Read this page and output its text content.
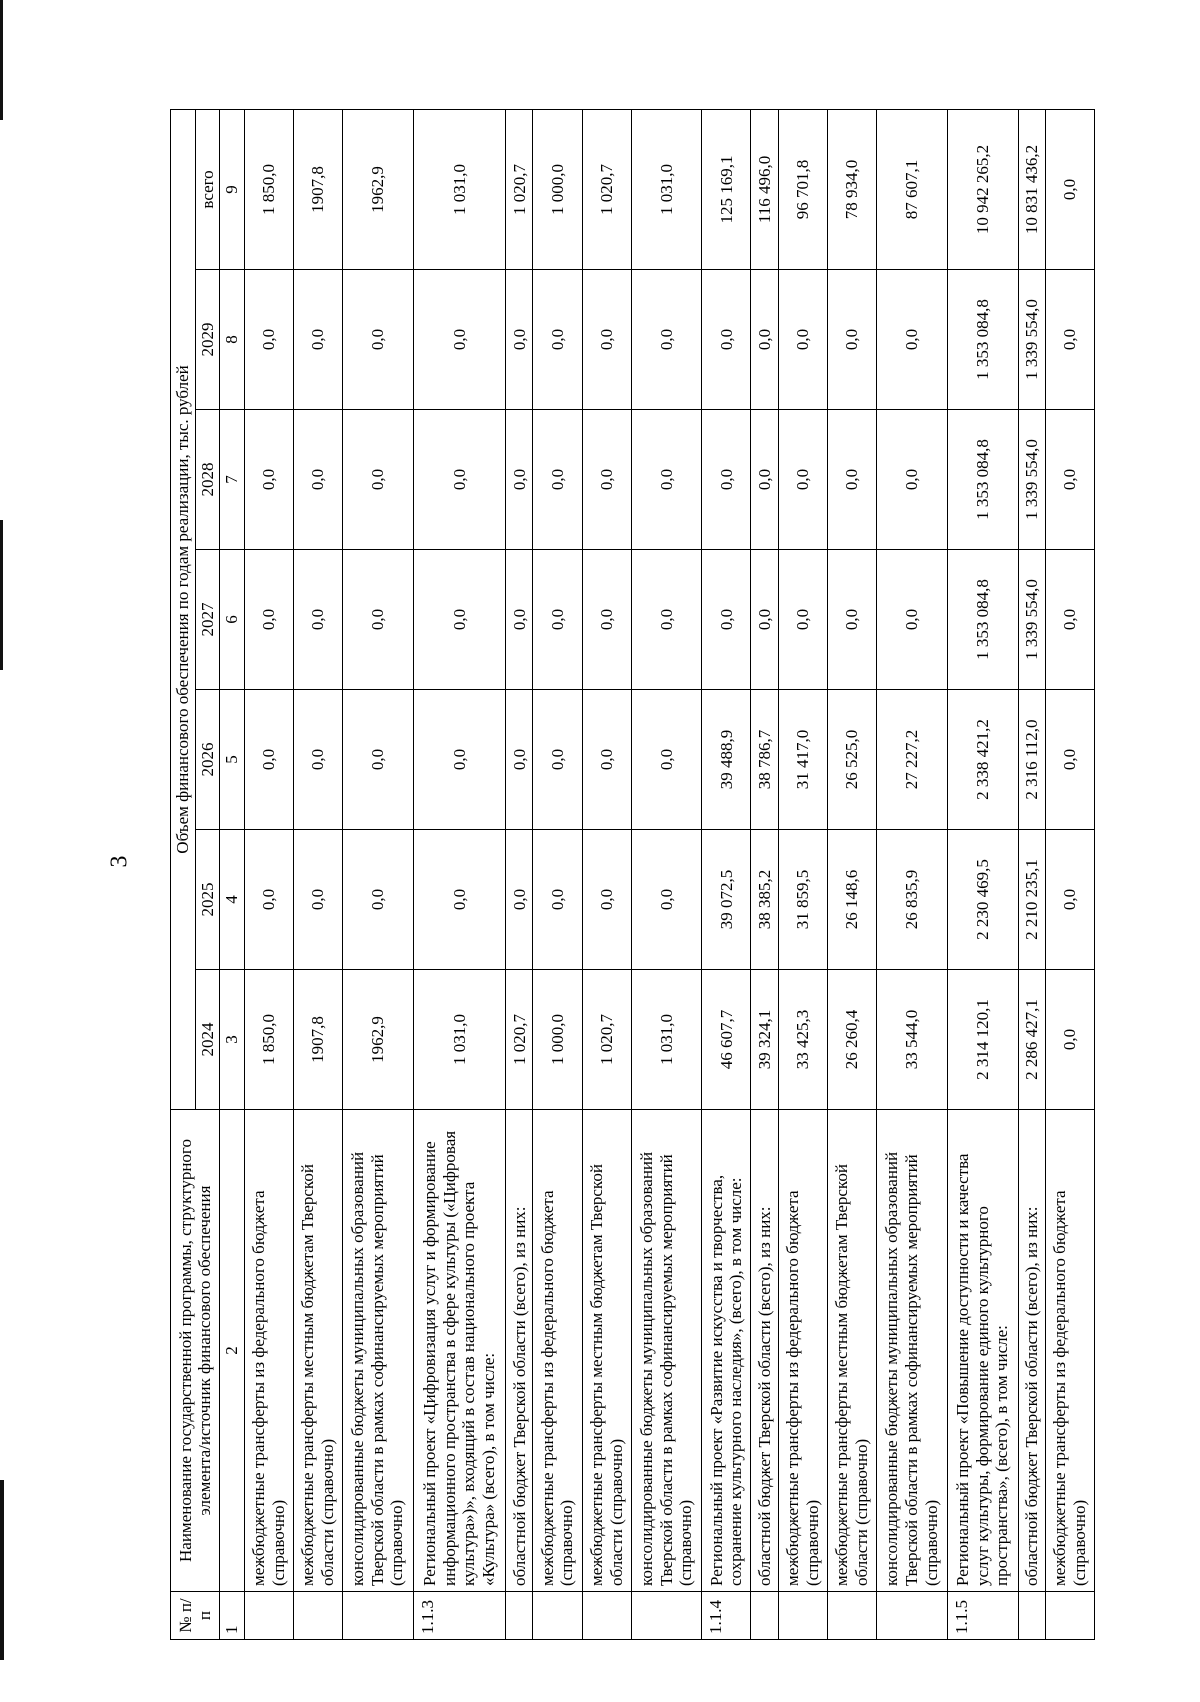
3
№ п/п	Наименование государственной программы, структурного элемента/источник финансового обеспечения	Объем финансового обеспечения по годам реализации, тыс. рублей						
		2024	2025	2026	2027	2028	2029	всего
1	2	3	4	5	6	7	8	9
	межбюджетные трансферты из федерального бюджета (справочно)	1 850,0	0,0	0,0	0,0	0,0	0,0	1 850,0
	межбюджетные трансферты местным бюджетам Тверской области (справочно)	1907,8	0,0	0,0	0,0	0,0	0,0	1907,8
	консолидированные бюджеты муниципальных образований Тверской области в рамках софинансируемых мероприятий (справочно)	1962,9	0,0	0,0	0,0	0,0	0,0	1962,9
1.1.3	Региональный проект «Цифровизация услуг и формирование информационного пространства в сфере культуры («Цифровая культура»)», входящий в состав национального проекта «Культура» (всего), в том числе:	1 031,0	0,0	0,0	0,0	0,0	0,0	1 031,0
	областной бюджет Тверской области (всего), из них:	1 020,7	0,0	0,0	0,0	0,0	0,0	1 020,7
	межбюджетные трансферты из федерального бюджета (справочно)	1 000,0	0,0	0,0	0,0	0,0	0,0	1 000,0
	межбюджетные трансферты местным бюджетам Тверской области (справочно)	1 020,7	0,0	0,0	0,0	0,0	0,0	1 020,7
	консолидированные бюджеты муниципальных образований Тверской области в рамках софинансируемых мероприятий (справочно)	1 031,0	0,0	0,0	0,0	0,0	0,0	1 031,0
1.1.4	Региональный проект «Развитие искусства и творчества, сохранение культурного наследия», (всего), в том числе:	46 607,7	39 072,5	39 488,9	0,0	0,0	0,0	125 169,1
	областной бюджет Тверской области (всего), из них:	39 324,1	38 385,2	38 786,7	0,0	0,0	0,0	116 496,0
	межбюджетные трансферты из федерального бюджета (справочно)	33 425,3	31 859,5	31 417,0	0,0	0,0	0,0	96 701,8
	межбюджетные трансферты местным бюджетам Тверской области (справочно)	26 260,4	26 148,6	26 525,0	0,0	0,0	0,0	78 934,0
	консолидированные бюджеты муниципальных образований Тверской области в рамках софинансируемых мероприятий (справочно)	33 544,0	26 835,9	27 227,2	0,0	0,0	0,0	87 607,1
1.1.5	Региональный проект «Повышение доступности и качества услуг культуры, формирование единого культурного пространства», (всего), в том числе:	2 314 120,1	2 230 469,5	2 338 421,2	1 353 084,8	1 353 084,8	1 353 084,8	10 942 265,2
	областной бюджет Тверской области (всего), из них:	2 286 427,1	2 210 235,1	2 316 112,0	1 339 554,0	1 339 554,0	1 339 554,0	10 831 436,2
	межбюджетные трансферты из федерального бюджета (справочно)	0,0	0,0	0,0	0,0	0,0	0,0	0,0
